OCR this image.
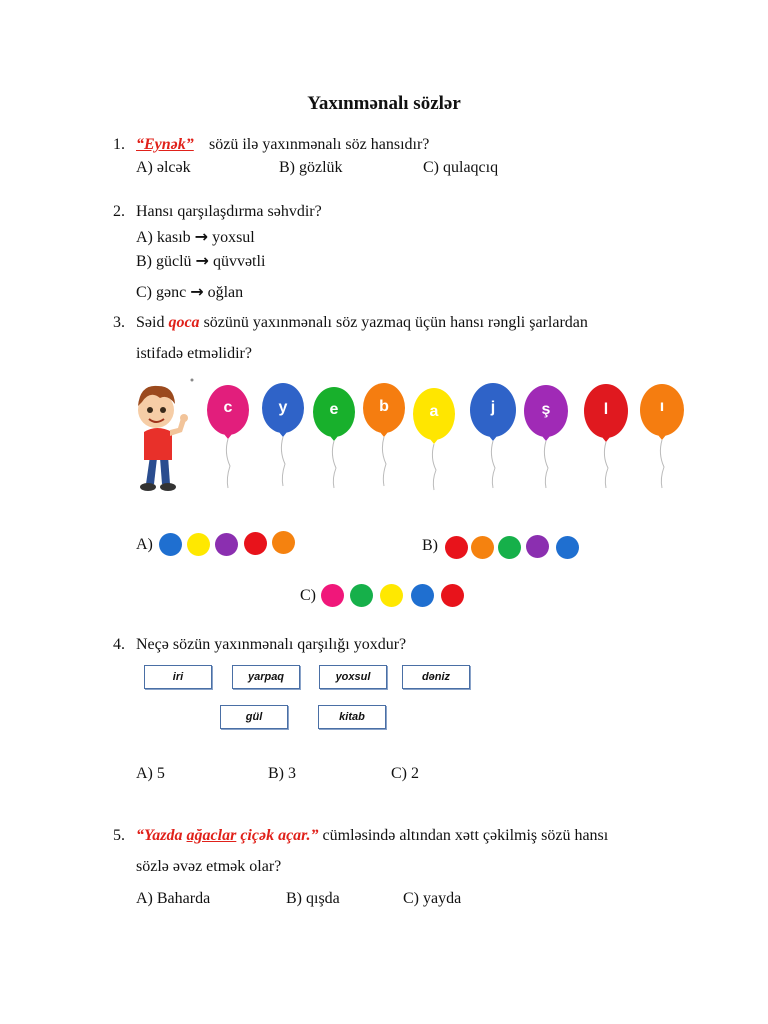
Yaxınmənalı sözlər
1. “Eynək” sözü ilə yaxınmənalı söz hansıdır?
A) əlcək	B) gözlük	C) qulaqcıq
2. Hansı qarşılaşdırma səhvdir?
A) kasıb → yoxsul
B) güclü → qüvvətli
C) gənc → oğlan
3. Səid qoca sözünü yaxınmənalı söz yazmaq üçün hansı rəngli şarlardan
istifadə etməlidir?
c	y	e	b	a	j	ş	l	ı
A)	B)
C)
4. Neçə sözün yaxınmənalı qarşılığı yoxdur?
iri	yarpaq	yoxsul	dəniz
gül	kitab
A) 5	B) 3	C) 2
5. “Yazda ağaclar çiçək açar.” cümləsində altından xətt çəkilmiş sözü hansı
sözlə əvəz etmək olar?
A) Baharda	B) qışda	C) yayda
